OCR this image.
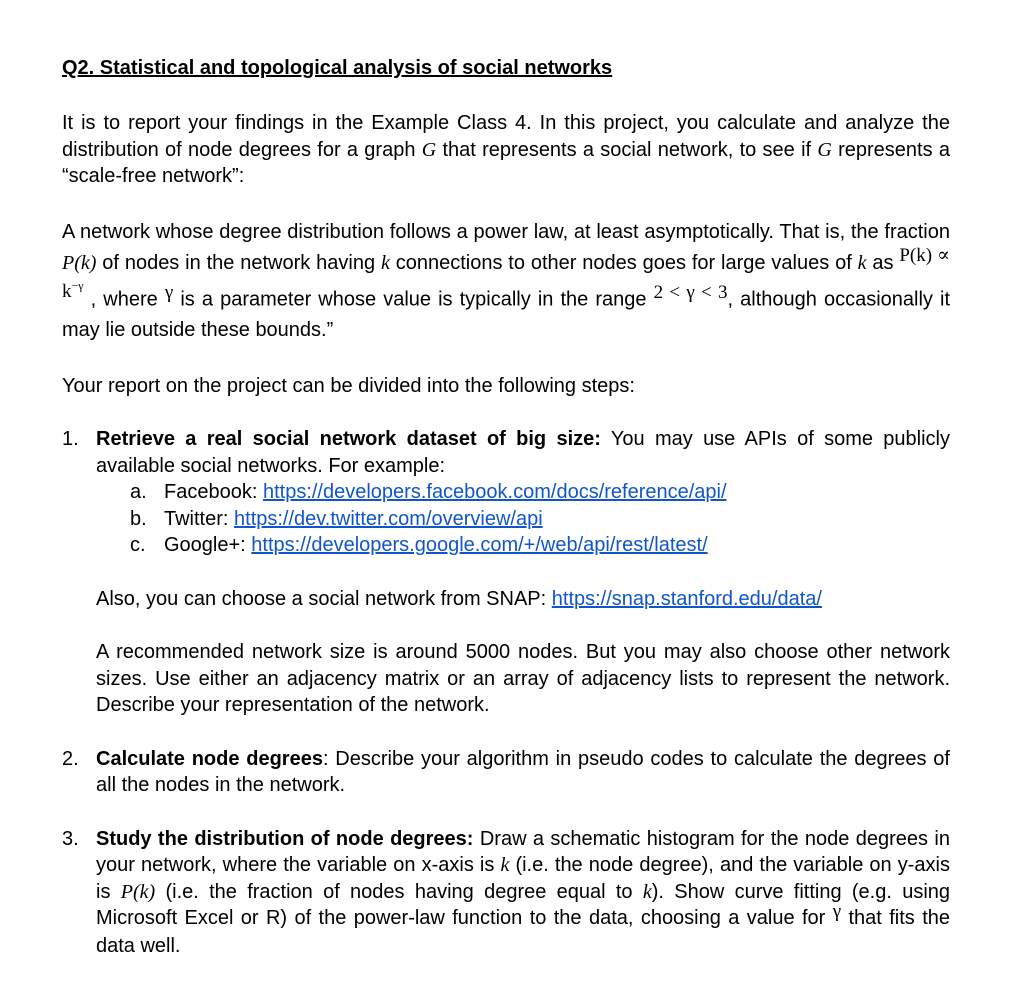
Q2. Statistical and topological analysis of social networks

It is to report your findings in the Example Class 4. In this project, you calculate and analyze the distribution of node degrees for a graph G that represents a social network, to see if G represents a “scale-free network”:

A network whose degree distribution follows a power law, at least asymptotically. That is, the fraction P(k) of nodes in the network having k connections to other nodes goes for large values of k as $P(k) \propto k^{-\gamma}$ , where γ is a parameter whose value is typically in the range 2 < γ < 3, although occasionally it may lie outside these bounds.”

Your report on the project can be divided into the following steps:

1. Retrieve a real social network dataset of big size: You may use APIs of some publicly available social networks. For example:

a. Facebook: https://developers.facebook.com/docs/reference/api/
b. Twitter: https://dev.twitter.com/overview/api
c. Google+: https://developers.google.com/+/web/api/rest/latest/

Also, you can choose a social network from SNAP: https://snap.stanford.edu/data/

A recommended network size is around 5000 nodes. But you may also choose other network sizes. Use either an adjacency matrix or an array of adjacency lists to represent the network. Describe your representation of the network.

2. Calculate node degrees: Describe your algorithm in pseudo codes to calculate the degrees of all the nodes in the network.

3. Study the distribution of node degrees: Draw a schematic histogram for the node degrees in your network, where the variable on x-axis is k (i.e. the node degree), and the variable on y-axis is P(k) (i.e. the fraction of nodes having degree equal to k). Show curve fitting (e.g. using Microsoft Excel or R) of the power-law function to the data, choosing a value for γ that fits the data well.
